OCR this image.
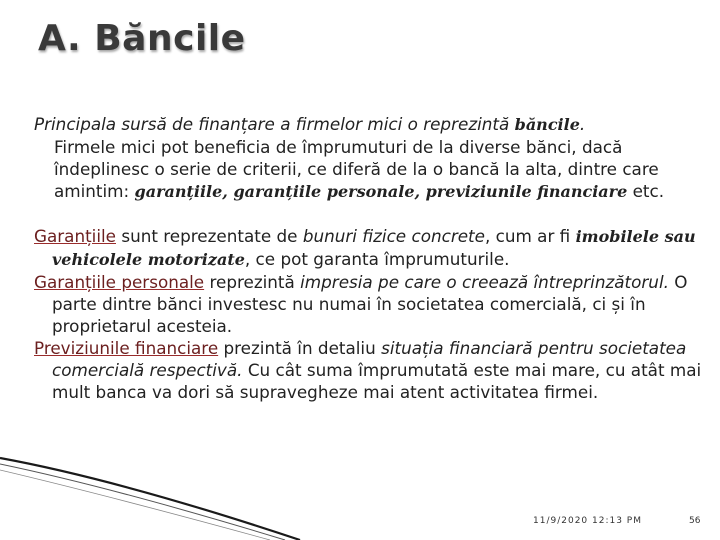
A. Băncile

Principala sursă de finanțare a firmelor mici o reprezintă băncile.

Firmele mici pot beneficia de împrumuturi de la diverse bănci, dacă îndeplinesc o serie de criterii, ce diferă de la o bancă la alta, dintre care amintim: garanțiile, garanțiile personale, previziunile financiare etc.

Garanțiile sunt reprezentate de bunuri fizice concrete, cum ar fi imobilele sau vehicolele motorizate, ce pot garanta împrumuturile.

Garanțiile personale reprezintă impresia pe care o creează întreprinzătorul. O parte dintre bănci investesc nu numai în societatea comercială, ci și în proprietarul acesteia.

Previziunile financiare prezintă în detaliu situația financiară pentru societatea comercială respectivă. Cu cât suma împrumutată este mai mare, cu atât mai mult banca va dori să supravegheze mai atent activitatea firmei.

11/9/2020 12:13 PM	56
